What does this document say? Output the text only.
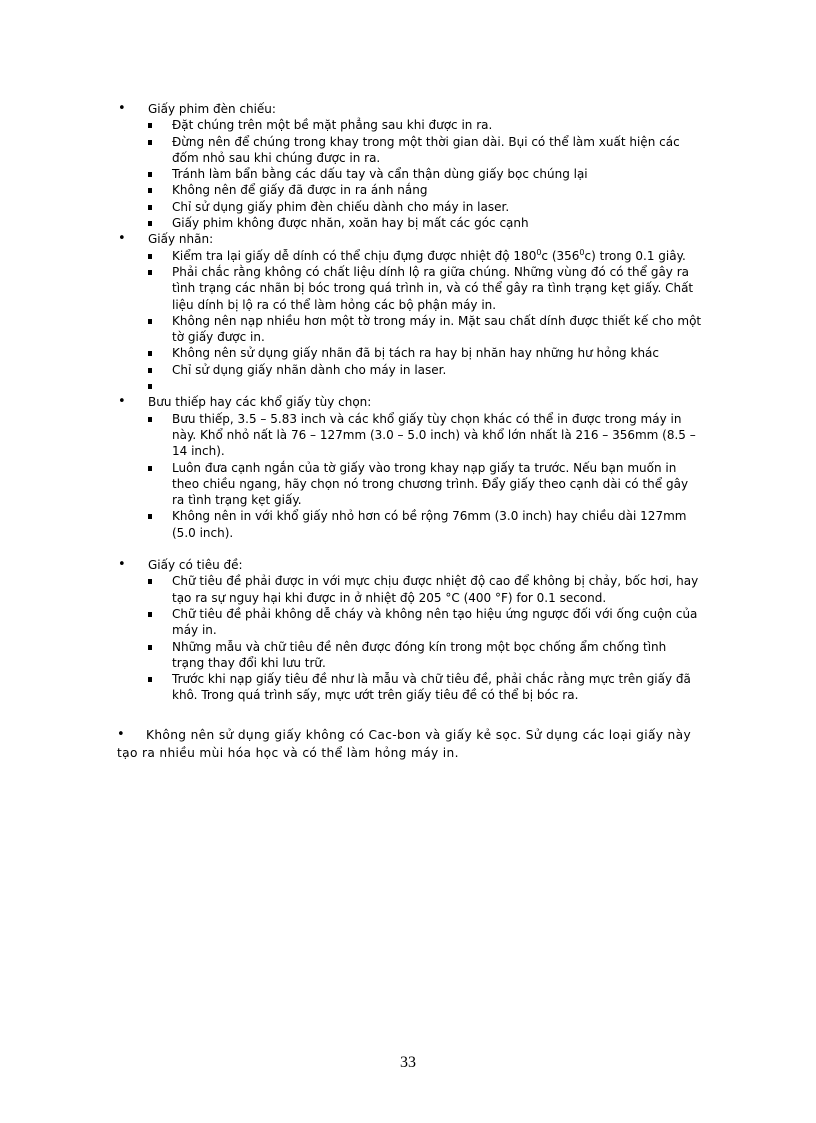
• Giấy phim đèn chiếu:
Đặt chúng trên một bề mặt phẳng sau khi được in ra.
Đừng nên để chúng trong khay trong một thời gian dài. Bụi có thể làm xuất hiện các đốm nhỏ sau khi chúng được in ra.
Tránh làm bẩn bằng các dấu tay và cẩn thận dùng giấy bọc chúng lại
Không nên để giấy đã được in ra ánh nắng
Chỉ sử dụng giấy phim đèn chiếu dành cho máy in laser.
Giấy phim không được nhăn, xoăn hay bị mất các góc cạnh
• Giấy nhãn:
Kiểm tra lại giấy dễ dính có thể chịu đựng được nhiệt độ $180^0c$ $(356^0c)$ trong 0.1 giây.
Phải chắc rằng không có chất liệu dính lộ ra giữa chúng. Những vùng đó có thể gây ra tình trạng các nhãn bị bóc trong quá trình in, và có thể gây ra tình trạng kẹt giấy. Chất liệu dính bị lộ ra có thể làm hỏng các bộ phận máy in.
Không nên nạp nhiều hơn một tờ trong máy in. Mặt sau chất dính được thiết kế cho một tờ giấy được in.
Không nên sử dụng giấy nhãn đã bị tách ra hay bị nhăn hay những hư hỏng khác
Chỉ sử dụng giấy nhãn dành cho máy in laser.

• Bưu thiếp hay các khổ giấy tùy chọn:
Bưu thiếp, 3.5 – 5.83 inch và các khổ giấy tùy chọn khác có thể in được trong máy in này. Khổ nhỏ nất là 76 – 127mm (3.0 – 5.0 inch) và khổ lớn nhất là 216 – 356mm (8.5 – 14 inch).
Luôn đưa cạnh ngắn của tờ giấy vào trong khay nạp giấy ta trước. Nếu bạn muốn in theo chiều ngang, hãy chọn nó trong chương trình. Đẩy giấy theo cạnh dài có thể gây ra tình trạng kẹt giấy.
Không nên in với khổ giấy nhỏ hơn có bề rộng 76mm (3.0 inch) hay chiều dài 127mm (5.0 inch).
• Giấy có tiêu đề:
Chữ tiêu đề phải được in với mực chịu được nhiệt độ cao để không bị chảy, bốc hơi, hay tạo ra sự nguy hại khi được in ở nhiệt độ 205 °C (400 °F) for 0.1 second.
Chữ tiêu đề phải không dễ cháy và không nên tạo hiệu ứng ngược đối với ống cuộn của máy in.
Những mẫu và chữ tiêu đề nên được đóng kín trong một bọc chống ẩm chống tình trạng thay đổi khi lưu trữ.
Trước khi nạp giấy tiêu đề như là mẫu và chữ tiêu đề, phải chắc rằng mực trên giấy đã khô. Trong quá trình sấy, mực ướt trên giấy tiêu đề có thể bị bóc ra.
•	Không nên sử dụng giấy không có Cac-bon và giấy kẻ sọc. Sử dụng các loại giấy này tạo ra nhiều mùi hóa học và có thể làm hỏng máy in.
33
